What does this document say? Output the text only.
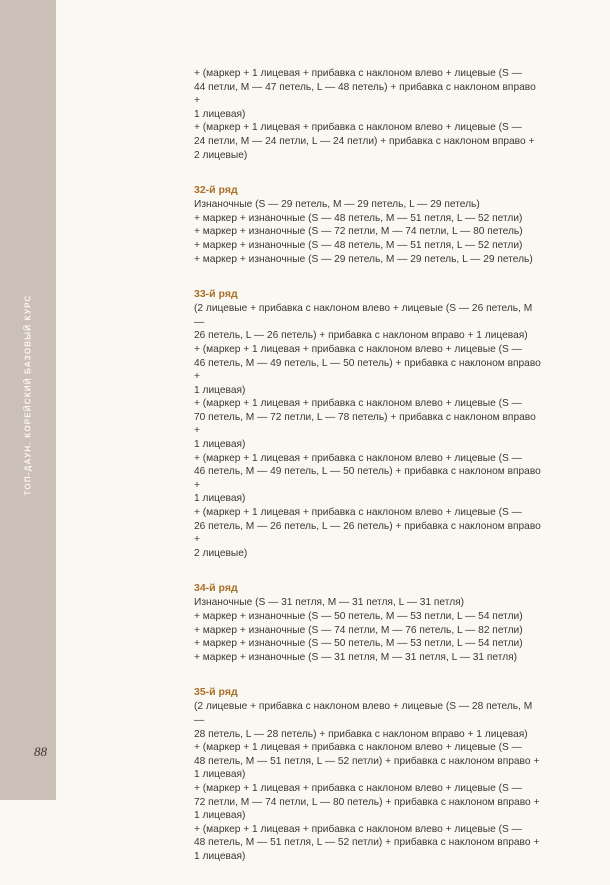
ТОП-ДАУН. КОРЕЙСКИЙ БАЗОВЫЙ КУРС
88
+ (маркер + 1 лицевая + прибавка с наклоном влево + лицевые (S —
44 петли, M — 47 петель, L — 48 петель) + прибавка с наклоном вправо +
1 лицевая)
+ (маркер + 1 лицевая + прибавка с наклоном влево + лицевые (S —
24 петли, M — 24 петли, L — 24 петли) + прибавка с наклоном вправо +
2 лицевые)
32-й ряд
Изнаночные (S — 29 петель, M — 29 петель, L — 29 петель)
+ маркер + изнаночные (S — 48 петель, M — 51 петля, L — 52 петли)
+ маркер + изнаночные (S — 72 петли, M — 74 петли, L — 80 петель)
+ маркер + изнаночные (S — 48 петель, M — 51 петля, L — 52 петли)
+ маркер + изнаночные (S — 29 петель, M — 29 петель, L — 29 петель)
33-й ряд
(2 лицевые + прибавка с наклоном влево + лицевые (S — 26 петель, M —
26 петель, L — 26 петель) + прибавка с наклоном вправо + 1 лицевая)
+ (маркер + 1 лицевая + прибавка с наклоном влево + лицевые (S —
46 петель, M — 49 петель, L — 50 петель) + прибавка с наклоном вправо +
1 лицевая)
+ (маркер + 1 лицевая + прибавка с наклоном влево + лицевые (S —
70 петель, M — 72 петли, L — 78 петель) + прибавка с наклоном вправо +
1 лицевая)
+ (маркер + 1 лицевая + прибавка с наклоном влево + лицевые (S —
46 петель, M — 49 петель, L — 50 петель) + прибавка с наклоном вправо +
1 лицевая)
+ (маркер + 1 лицевая + прибавка с наклоном влево + лицевые (S —
26 петель, M — 26 петель, L — 26 петель) + прибавка с наклоном вправо +
2 лицевые)
34-й ряд
Изнаночные (S — 31 петля, M — 31 петля, L — 31 петля)
+ маркер + изнаночные (S — 50 петель, M — 53 петли, L — 54 петли)
+ маркер + изнаночные (S — 74 петли, M — 76 петель, L — 82 петли)
+ маркер + изнаночные (S — 50 петель, M — 53 петли, L — 54 петли)
+ маркер + изнаночные (S — 31 петля, M — 31 петля, L — 31 петля)
35-й ряд
(2 лицевые + прибавка с наклоном влево + лицевые (S — 28 петель, M —
28 петель, L — 28 петель) + прибавка с наклоном вправо + 1 лицевая)
+ (маркер + 1 лицевая + прибавка с наклоном влево + лицевые (S —
48 петель, M — 51 петля, L — 52 петли) + прибавка с наклоном вправо +
1 лицевая)
+ (маркер + 1 лицевая + прибавка с наклоном влево + лицевые (S —
72 петли, M — 74 петли, L — 80 петель) + прибавка с наклоном вправо +
1 лицевая)
+ (маркер + 1 лицевая + прибавка с наклоном влево + лицевые (S —
48 петель, M — 51 петля, L — 52 петли) + прибавка с наклоном вправо +
1 лицевая)
